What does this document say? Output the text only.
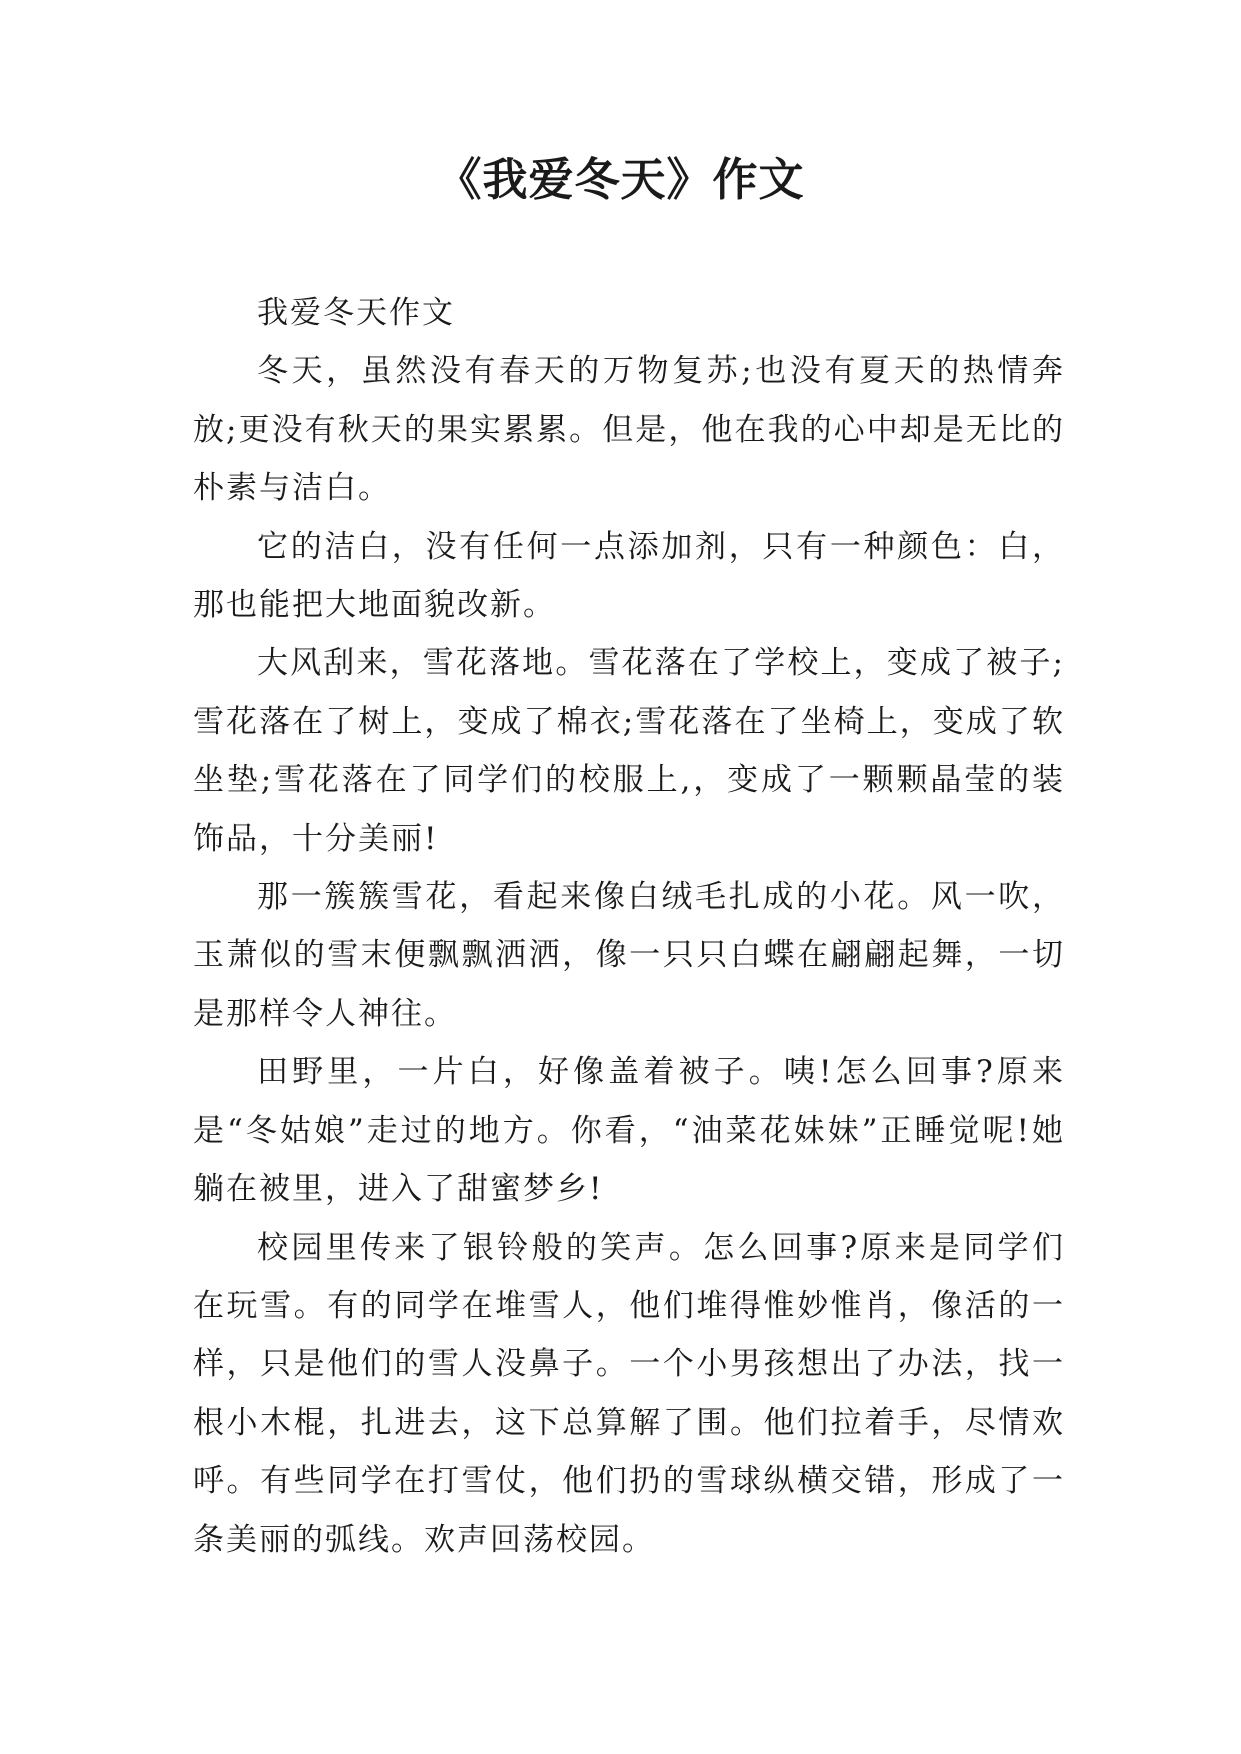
《我爱冬天》作文

我爱冬天作文

冬天，虽然没有春天的万物复苏;也没有夏天的热情奔放;更没有秋天的果实累累。但是，他在我的心中却是无比的朴素与洁白。

它的洁白，没有任何一点添加剂，只有一种颜色：白，那也能把大地面貌改新。

大风刮来，雪花落地。雪花落在了学校上，变成了被子;雪花落在了树上，变成了棉衣;雪花落在了坐椅上，变成了软坐垫;雪花落在了同学们的校服上,，变成了一颗颗晶莹的装饰品，十分美丽!

那一簇簇雪花，看起来像白绒毛扎成的小花。风一吹，玉萧似的雪末便飘飘洒洒，像一只只白蝶在翩翩起舞，一切是那样令人神往。

田野里，一片白，好像盖着被子。咦!怎么回事?原来是“冬姑娘”走过的地方。你看，“油菜花妹妹”正睡觉呢!她躺在被里，进入了甜蜜梦乡!

校园里传来了银铃般的笑声。怎么回事?原来是同学们在玩雪。有的同学在堆雪人，他们堆得惟妙惟肖，像活的一样，只是他们的雪人没鼻子。一个小男孩想出了办法，找一根小木棍，扎进去，这下总算解了围。他们拉着手，尽情欢呼。有些同学在打雪仗，他们扔的雪球纵横交错，形成了一条美丽的弧线。欢声回荡校园。
